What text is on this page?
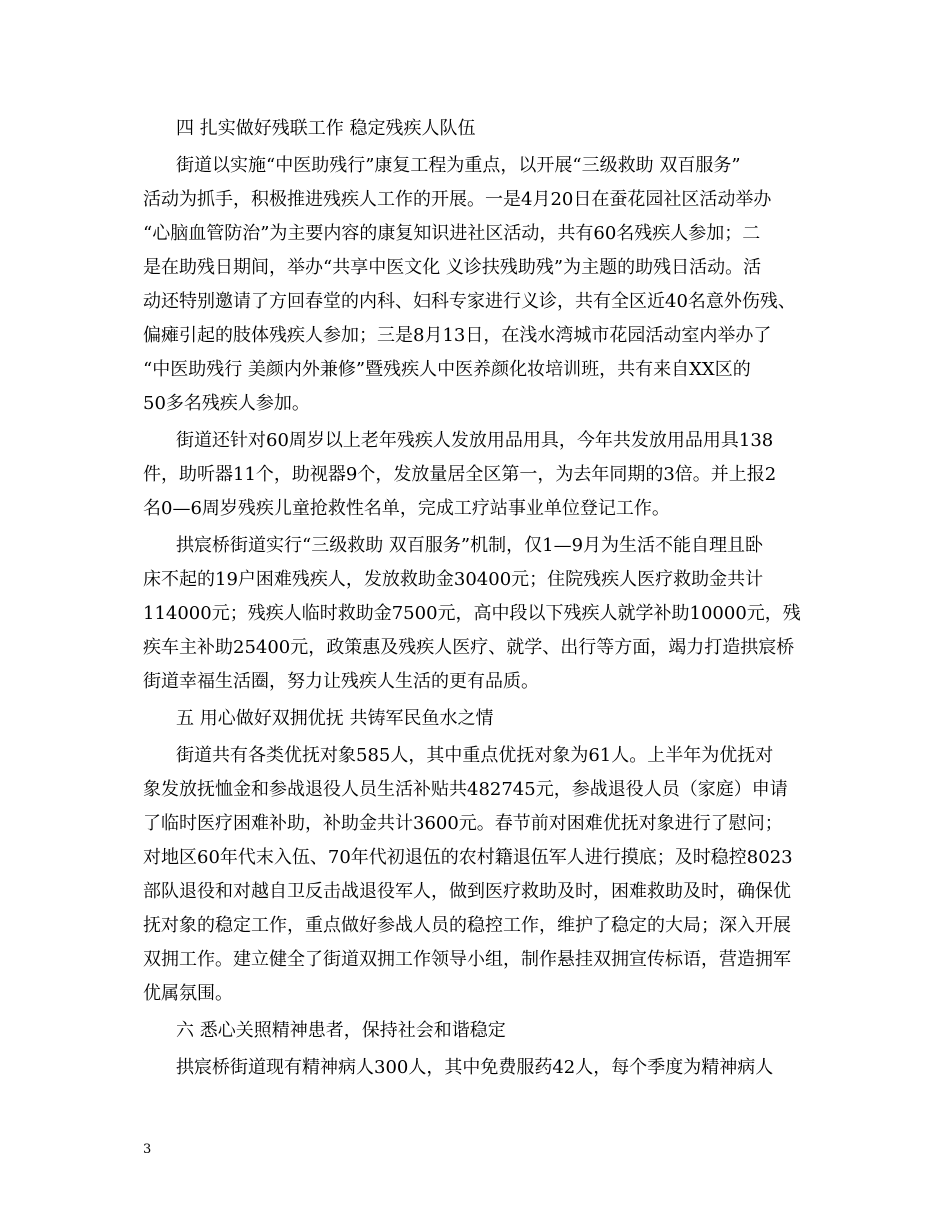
四 扎实做好残联工作 稳定残疾人队伍
街道以实施“中医助残行”康复工程为重点，以开展“三级救助 双百服务”
活动为抓手，积极推进残疾人工作的开展。一是4月20日在蚕花园社区活动举办
“心脑血管防治”为主要内容的康复知识进社区活动，共有60名残疾人参加；二
是在助残日期间，举办“共享中医文化 义诊扶残助残”为主题的助残日活动。活
动还特别邀请了方回春堂的内科、妇科专家进行义诊，共有全区近40名意外伤残、
偏瘫引起的肢体残疾人参加；三是8月13日，在浅水湾城市花园活动室内举办了
“中医助残行 美颜内外兼修”暨残疾人中医养颜化妆培训班，共有来自XX区的
50多名残疾人参加。
街道还针对60周岁以上老年残疾人发放用品用具，今年共发放用品用具138
件，助听器11个，助视器9个，发放量居全区第一，为去年同期的3倍。并上报2
名0—6周岁残疾儿童抢救性名单，完成工疗站事业单位登记工作。
拱宸桥街道实行“三级救助 双百服务”机制，仅1—9月为生活不能自理且卧
床不起的19户困难残疾人，发放救助金30400元；住院残疾人医疗救助金共计
114000元；残疾人临时救助金7500元，高中段以下残疾人就学补助10000元，残
疾车主补助25400元，政策惠及残疾人医疗、就学、出行等方面，竭力打造拱宸桥
街道幸福生活圈，努力让残疾人生活的更有品质。
五 用心做好双拥优抚 共铸军民鱼水之情
街道共有各类优抚对象585人，其中重点优抚对象为61人。上半年为优抚对
象发放抚恤金和参战退役人员生活补贴共482745元，参战退役人员（家庭）申请
了临时医疗困难补助，补助金共计3600元。春节前对困难优抚对象进行了慰问；
对地区60年代末入伍、70年代初退伍的农村籍退伍军人进行摸底；及时稳控8023
部队退役和对越自卫反击战退役军人，做到医疗救助及时，困难救助及时，确保优
抚对象的稳定工作，重点做好参战人员的稳控工作，维护了稳定的大局；深入开展
双拥工作。建立健全了街道双拥工作领导小组，制作悬挂双拥宣传标语，营造拥军
优属氛围。
六 悉心关照精神患者，保持社会和谐稳定
拱宸桥街道现有精神病人300人，其中免费服药42人，每个季度为精神病人
3
